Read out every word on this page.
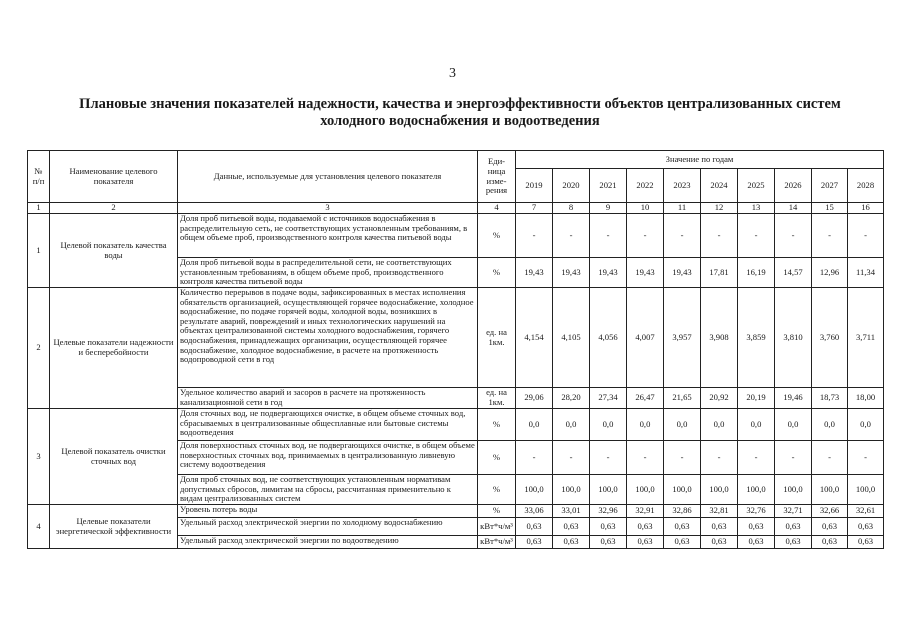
3
Плановые значения показателей надежности, качества и энергоэффективности объектов централизованных систем
холодного водоснабжения и водоотведения
№
п/п	Наименование целевого показателя	Данные, используемые для установления целевого показателя	Еди-
ница
изме-
рения	Значение по годам									
				2019	2020	2021	2022	2023	2024	2025	2026	2027	2028
1	2	3	4	7	8	9	10	11	12	13	14	15	16
1	Целевой показатель качества воды	Доля проб питьевой воды, подаваемой с источников водоснабжения в распределительную сеть, не соответствующих установленным требованиям, в общем объеме проб, производственного контроля качества питьевой воды	%	-	-	-	-	-	-	-	-	-	-
		Доля проб питьевой воды в распределительной сети, не соответствующих установленным требованиям, в общем объеме проб, производственного контроля качества питьевой воды	%	19,43	19,43	19,43	19,43	19,43	17,81	16,19	14,57	12,96	11,34
2	Целевые показатели надежности и бесперебойности	Количество перерывов в подаче воды, зафиксированных в местах исполнения обязательств организацией, осуществляющей горячее водоснабжение, холодное водоснабжение, по подаче горячей воды, холодной воды, возникших в результате аварий, повреждений и иных технологических нарушений на объектах централизованной системы холодного водоснабжения, горячего водоснабжения, принадлежащих организации, осуществляющей горячее водоснабжение, холодное водоснабжение, в расчете на протяженность водопроводной сети в год	ед. на 1км.	4,154	4,105	4,056	4,007	3,957	3,908	3,859	3,810	3,760	3,711
		Удельное количество аварий и засоров в расчете на протяженность канализационной сети в год	ед. на 1км.	29,06	28,20	27,34	26,47	21,65	20,92	20,19	19,46	18,73	18,00
3	Целевой показатель очистки сточных вод	Доля сточных вод, не подвергающихся очистке, в общем объеме сточных вод, сбрасываемых в централизованные общесплавные или бытовые системы водоотведения	%	0,0	0,0	0,0	0,0	0,0	0,0	0,0	0,0	0,0	0,0
		Доля поверхностных сточных вод, не подвергающихся очистке, в общем объеме поверхностных сточных вод, принимаемых в централизованную ливневую систему водоотведения	%	-	-	-	-	-	-	-	-	-	-
		Доля проб сточных вод, не соответствующих установленным нормативам допустимых сбросов, лимитам на сбросы, рассчитанная применительно к видам централизованных систем	%	100,0	100,0	100,0	100,0	100,0	100,0	100,0	100,0	100,0	100,0
4	Целевые показатели энергетической эффективности	Уровень потерь воды	%	33,06	33,01	32,96	32,91	32,86	32,81	32,76	32,71	32,66	32,61
		Удельный расход электрической энергии по холодному водоснабжению	кВт*ч/м³	0,63	0,63	0,63	0,63	0,63	0,63	0,63	0,63	0,63	0,63
		Удельный расход электрической энергии по водоотведению	кВт*ч/м³	0,63	0,63	0,63	0,63	0,63	0,63	0,63	0,63	0,63	0,63
